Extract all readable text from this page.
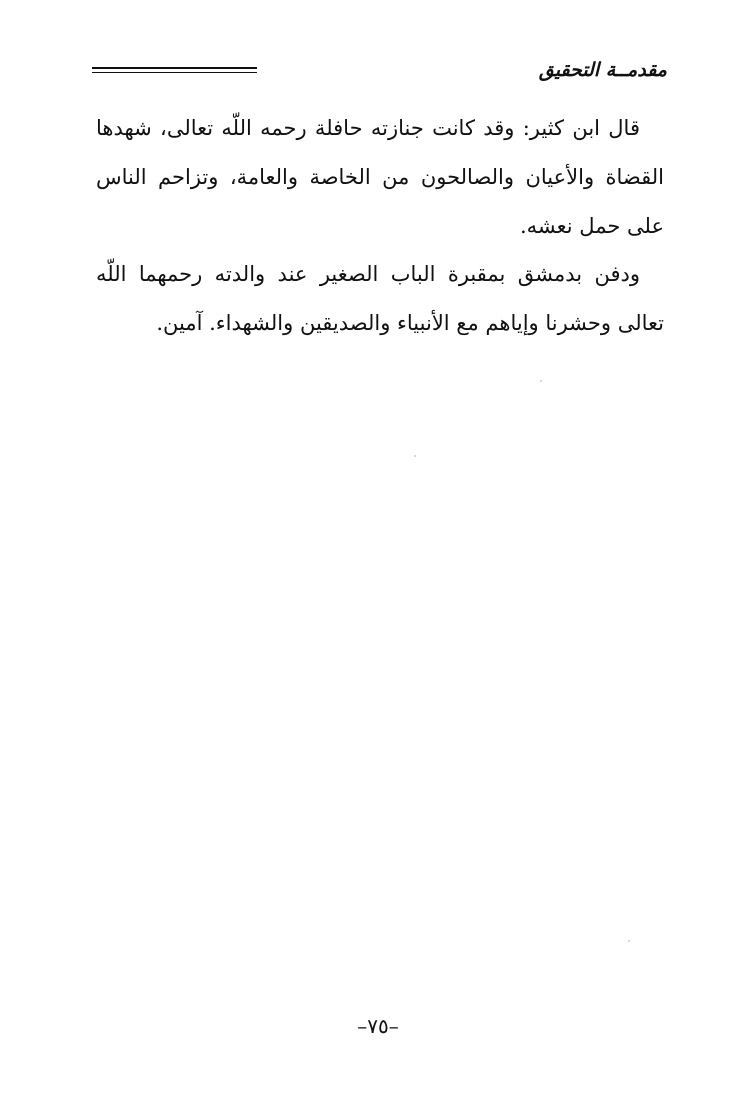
مقدمــة التحقيق

قال ابن كثير: وقد كانت جنازته حافلة رحمه اللّه تعالى، شهدها القضاة والأعيان والصالحون من الخاصة والعامة، وتزاحم الناس على حمل نعشه.

ودفن بدمشق بمقبرة الباب الصغير عند والدته رحمهما اللّه تعالى وحشرنا وإياهم مع الأنبياء والصديقين والشهداء. آمين.

–٧٥–
